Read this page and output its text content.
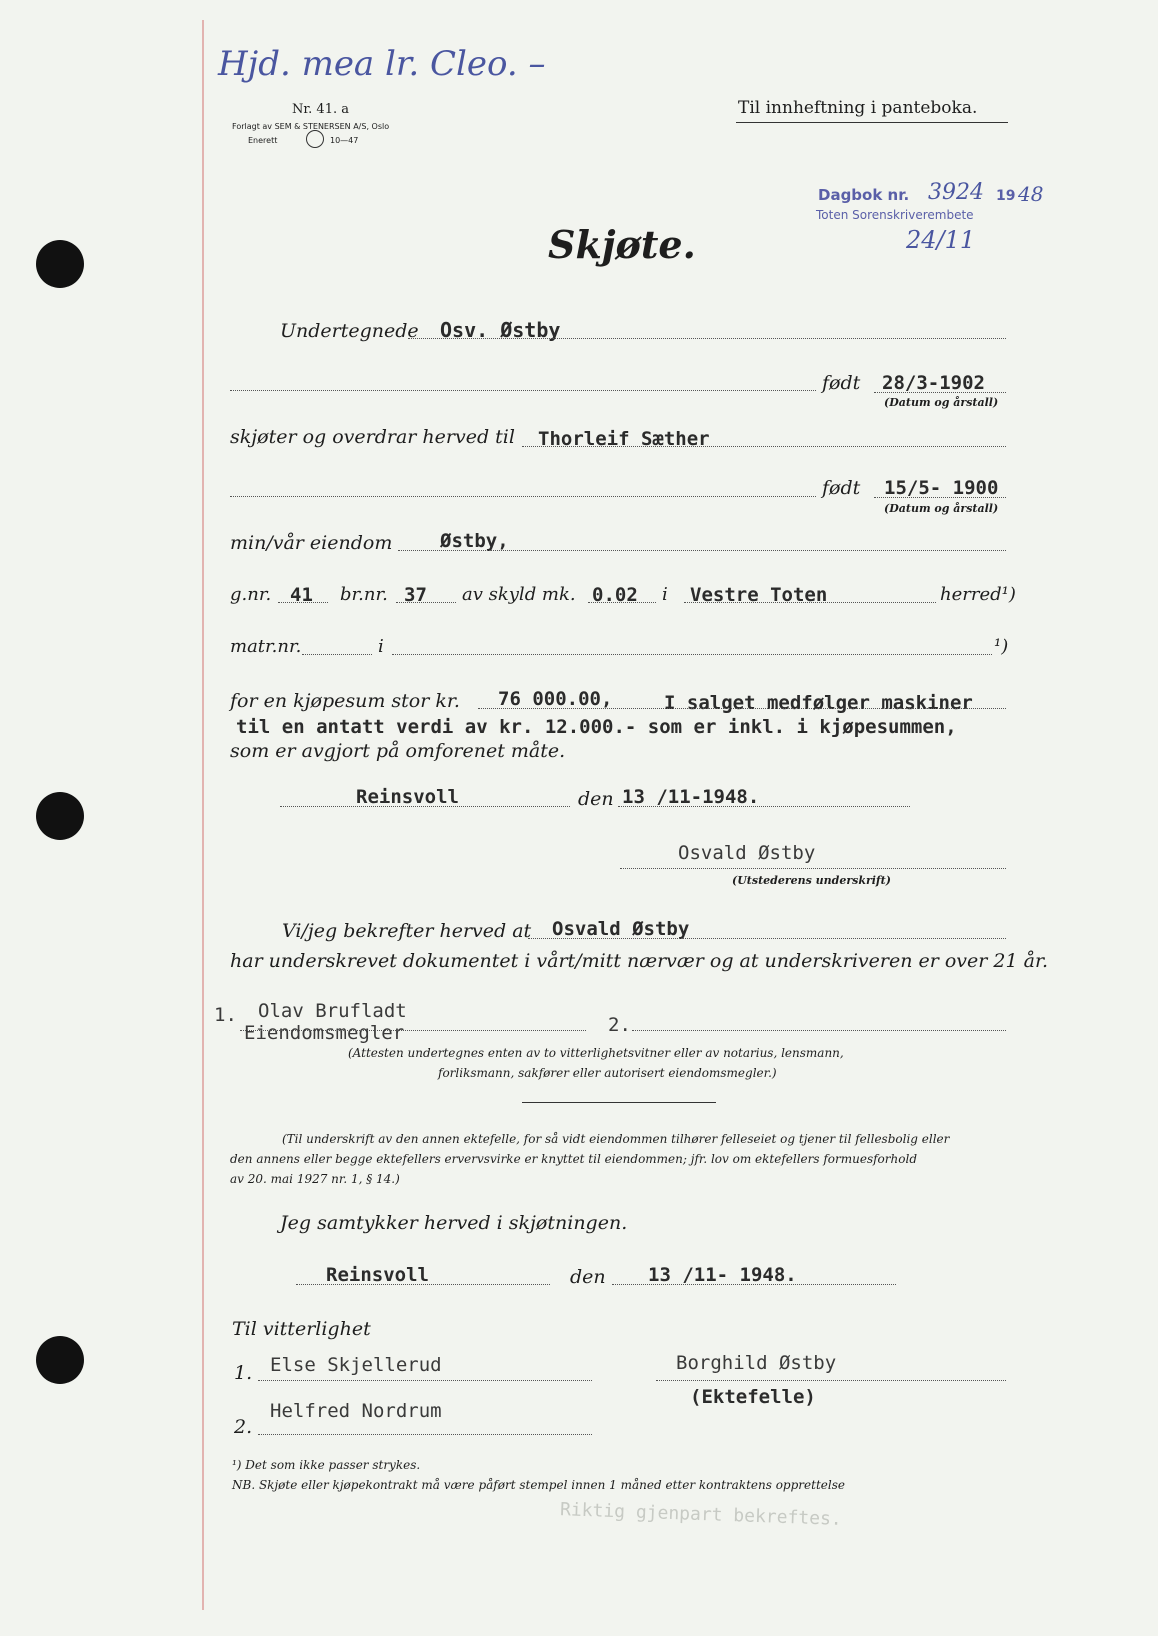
Hjd. mea lr. Cleo. –
Nr. 41. a
Forlagt av SEM & STENERSEN A/S, Oslo
Enerett	10—47
Til innheftning i panteboka.
Dagbok nr. 3924 19 48
Toten Sorenskriverembete
24/11
Skjøte.
Undertegnede Osv. Østby
født 28/3-1902
(Datum og årstall)
skjøter og overdrar herved til Thorleif Sæther
født 15/5- 1900
(Datum og årstall)
min/vår eiendom	Østby,
g.nr. 41 br.nr. 37 av skyld mk. 0.02 i Vestre Toten	herred¹)
matr.nr.	i	¹)
for en kjøpesum stor kr. 76 000.00,	I salget medfølger maskiner
til en antatt verdi av kr. 12.000.- som er inkl. i kjøpesummen,
som er avgjort på omforenet måte.
Reinsvoll	den 13 /11-1948.
Osvald Østby
(Utstederens underskrift)
Vi/jeg bekrefter herved at Osvald Østby
har underskrevet dokumentet i vårt/mitt nærvær og at underskriveren er over 21 år.
1. Olav Brufladt
Eiendomsmegler	2.
(Attesten undertegnes enten av to vitterlighetsvitner eller av notarius, lensmann,
forliksmann, sakfører eller autorisert eiendomsmegler.)
(Til underskrift av den annen ektefelle, for så vidt eiendommen tilhører felleseiet og tjener til fellesbolig eller
den annens eller begge ektefellers ervervsvirke er knyttet til eiendommen; jfr. lov om ektefellers formuesforhold
av 20. mai 1927 nr. 1, § 14.)
Jeg samtykker herved i skjøtningen.
Reinsvoll	den 13 /11- 1948.
Til vitterlighet
1. Else Skjellerud	Borghild Østby
(Ektefelle)
2.
Helfred Nordrum
¹) Det som ikke passer strykes.
NB. Skjøte eller kjøpekontrakt må være påført stempel innen 1 måned etter kontraktens opprettelse
Riktig gjenpart bekreftes.
